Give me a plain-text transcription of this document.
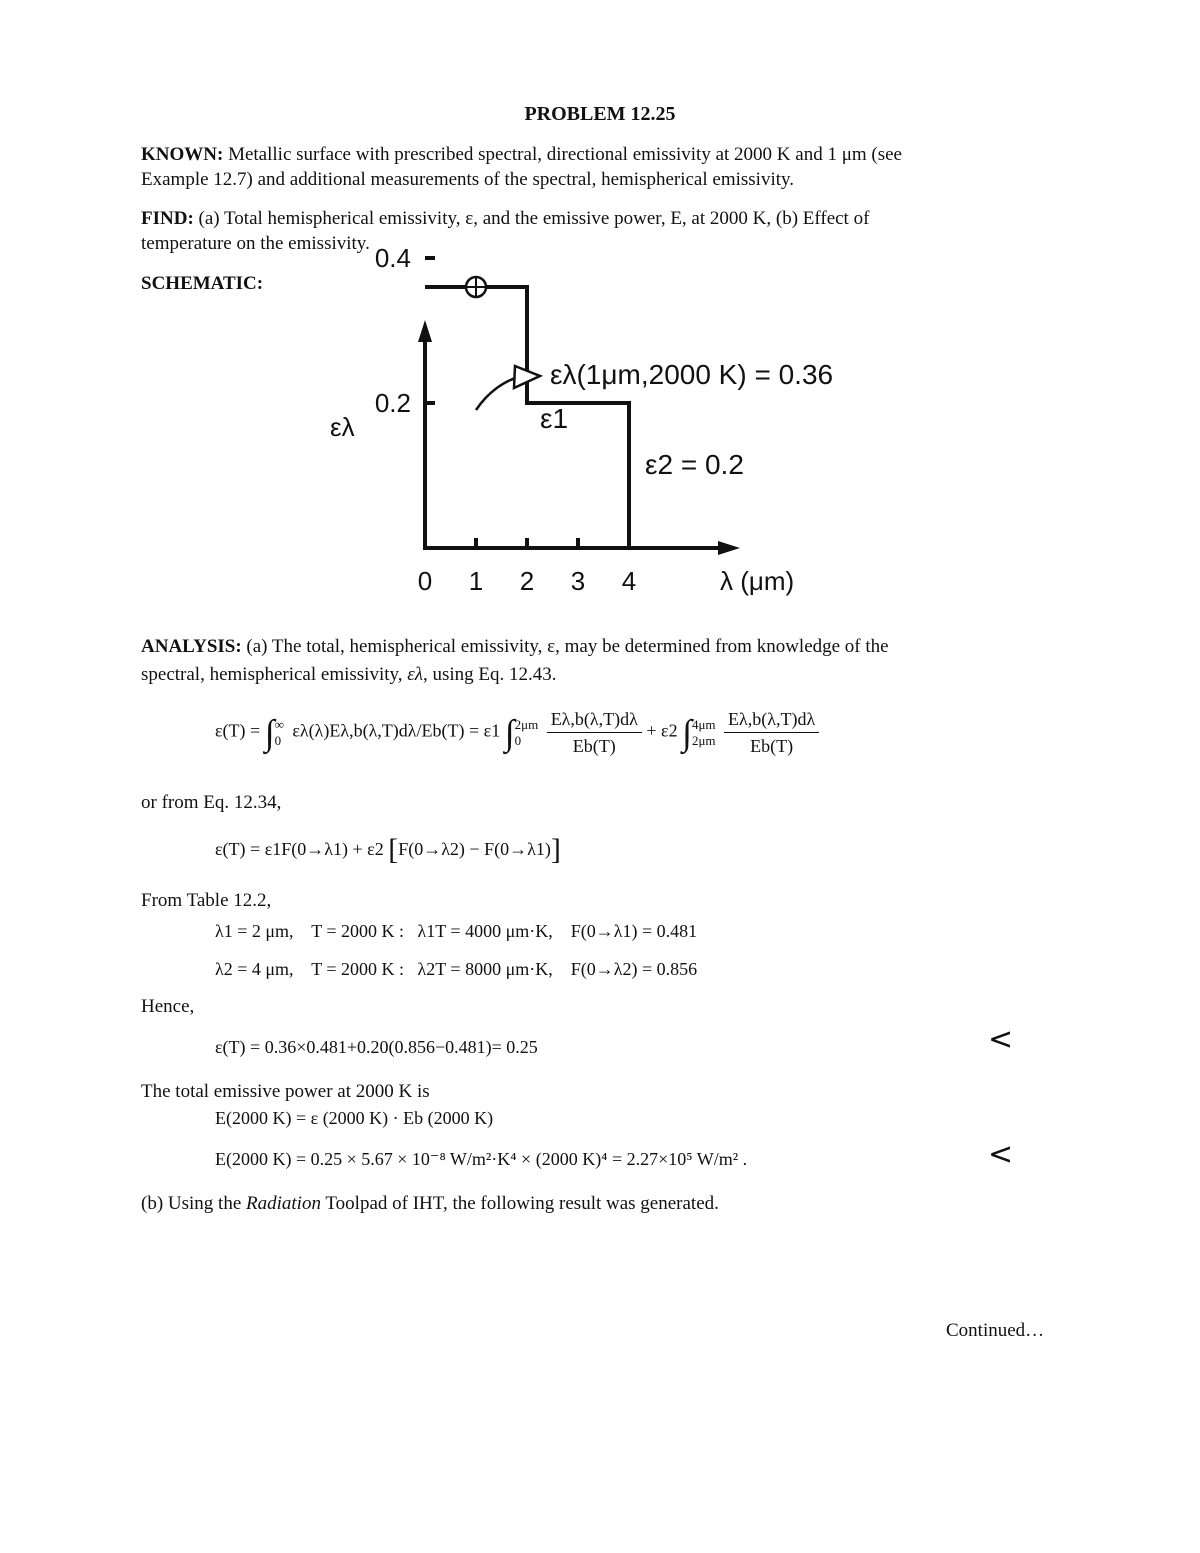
PROBLEM 12.25
KNOWN: Metallic surface with prescribed spectral, directional emissivity at 2000 K and 1 μm (see
Example 12.7) and additional measurements of the spectral, hemispherical emissivity.
FIND: (a) Total hemispherical emissivity, ε, and the emissive power, E, at 2000 K, (b) Effect of
temperature on the emissivity.
SCHEMATIC:
0 1 2 3 4
0.2
0.4
λ (μm)
ελ
ελ(1μm,2000 K) = 0.36
ε1
ε2 = 0.2
ANALYSIS: (a) The total, hemispherical emissivity, ε, may be determined from knowledge of the
spectral, hemispherical emissivity, ελ, using Eq. 12.43.
ε(T) = ∫ ∞
0 ελ(λ)Eλ,b(λ,T)dλ/Eb(T) = ε1 ∫ 2μm
0
	$\frac{E\lambda,b(\lambda,T)d\lambda}{Eb(T)} + \varepsilon 2$ ∫ 4μm
2μm
$\frac{E\lambda,b(\lambda,T)d\lambda}{Eb(T)}$
or from Eq. 12.34,
ε(T) = ε1F(0→λ1) + ε2 [F(0→λ2) − F(0→λ1)]
From Table 12.2,
λ1 = 2 μm,    T = 2000 K :   λ1T = 4000 μm·K,    F(0→λ1) = 0.481
λ2 = 4 μm,    T = 2000 K :   λ2T = 8000 μm·K,    F(0→λ2) = 0.856
Hence,
ε(T) = 0.36×0.481+0.20(0.856−0.481)= 0.25	<
The total emissive power at 2000 K is
E(2000 K) = ε (2000 K) · Eb (2000 K)
E(2000 K) = 0.25 × 5.67 × 10⁻⁸ W/m²·K⁴ × (2000 K)⁴ = 2.27×10⁵ W/m² .	<
(b) Using the Radiation Toolpad of IHT, the following result was generated.
Continued…
